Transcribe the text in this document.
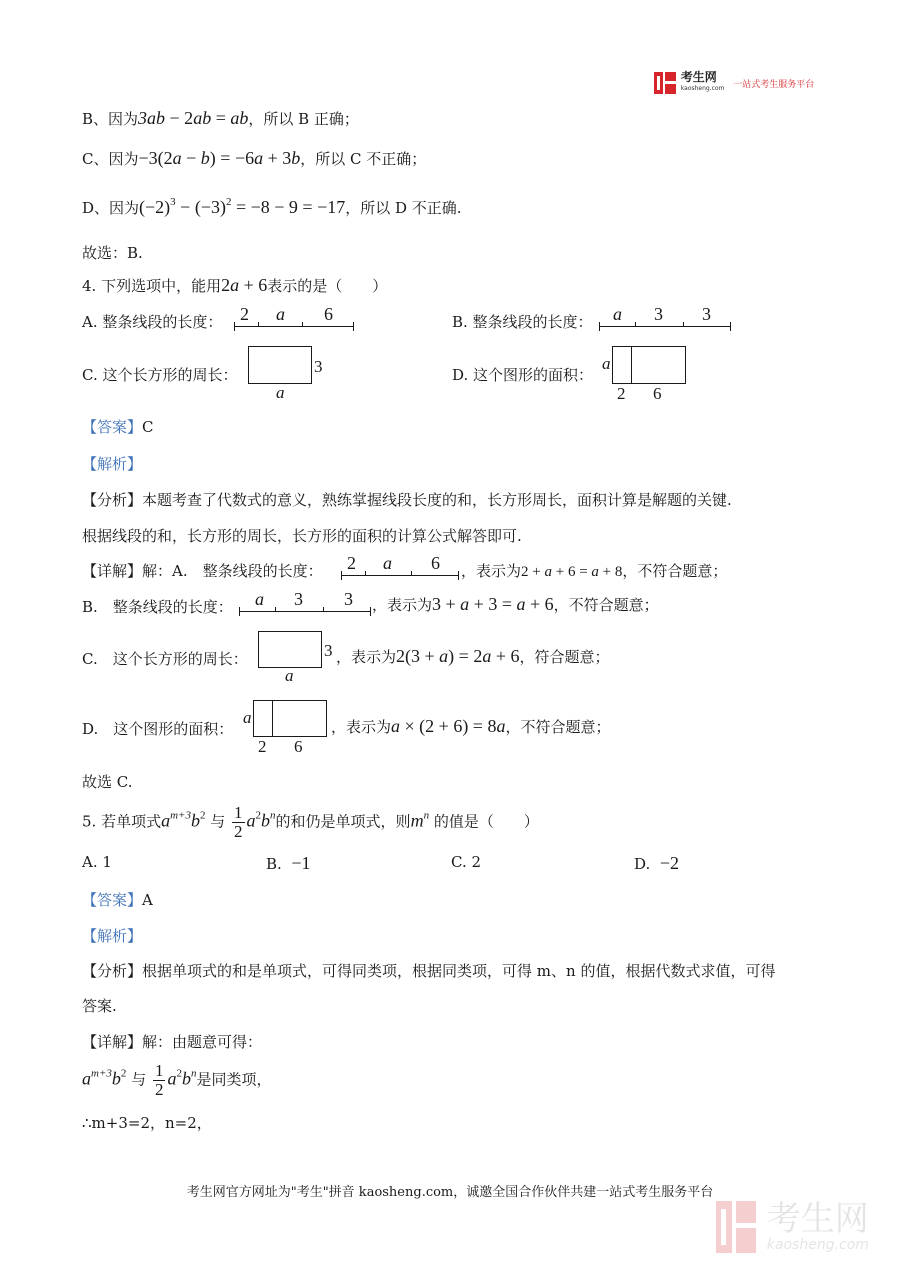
考生网
kaosheng.com 一站式考生服务平台
B、因为3ab − 2ab = ab，所以 B 正确；
C、因为−3(2a − b) = −6a + 3b，所以 C 不正确；
D、因为$(-2)^3 - (-3)^2 = -8 - 9 = -17$，所以 D 不正确.
故选：B.
4. 下列选项中，能用2a + 6表示的是（　　）
A. 整条线段的长度： 2 a 6	B. 整条线段的长度： a 3 3
C. 这个长方形的周长：	3
a
D. 这个图形的面积：
a
2 6
【答案】C
【解析】
【分析】本题考查了代数式的意义，熟练掌握线段长度的和，长方形周长，面积计算是解题的关键.
根据线段的和，长方形的周长，长方形的面积的计算公式解答即可.
【详解】解：A.　整条线段的长度： 2 a 6 ，表示为2 + a + 6 = a + 8，不符合题意；
B.　整条线段的长度： a 3 3 ，表示为3 + a + 3 = a + 6，不符合题意；
C.　这个长方形的周长：	3
a
，表示为2(3 + a) = 2a + 6，符合题意；
D.　这个图形的面积：
a
2 6
，表示为a × (2 + 6) = 8a，不符合题意；
故选 C.
5. 若单项式$a^{m+3}b^2$ 与 $\frac{1}{2} a^2b^n$的和仍是单项式，则$m^n$ 的值是（　　）
A. 1	B. −1	C. 2	D. −2
【答案】A
【解析】
【分析】根据单项式的和是单项式，可得同类项，根据同类项，可得 m、n 的值，根据代数式求值，可得
答案.
【详解】解：由题意可得：
$a^{m+3}b^2$ 与 $\frac{1}{2} a^2b^n$是同类项，
∴m+3=2，n=2，
考生网官方网址为"考生"拼音 kaosheng.com，诚邀全国合作伙伴共建一站式考生服务平台

考生网
kaosheng.com
